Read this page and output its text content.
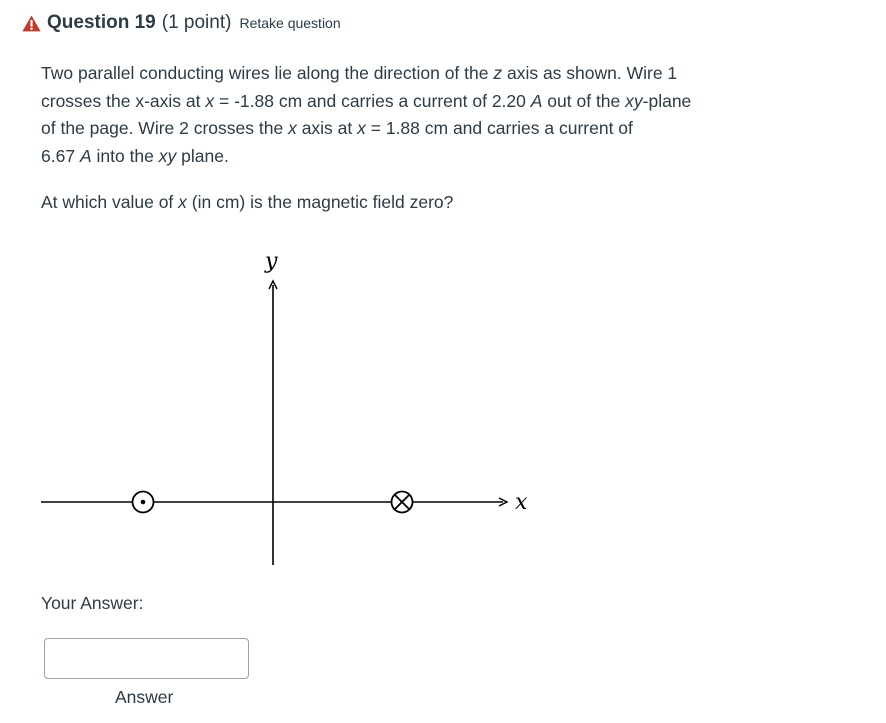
Question 19 (1 point) Retake question

Two parallel conducting wires lie along the direction of the z axis as shown. Wire 1

crosses the x-axis at x = -1.88 cm and carries a current of 2.20 A out of the xy-plane

of the page. Wire 2 crosses the x axis at x = 1.88 cm and carries a current of

6.67 A into the xy plane.

At which value of x (in cm) is the magnetic field zero?
y
x
Your Answer:
Answer
